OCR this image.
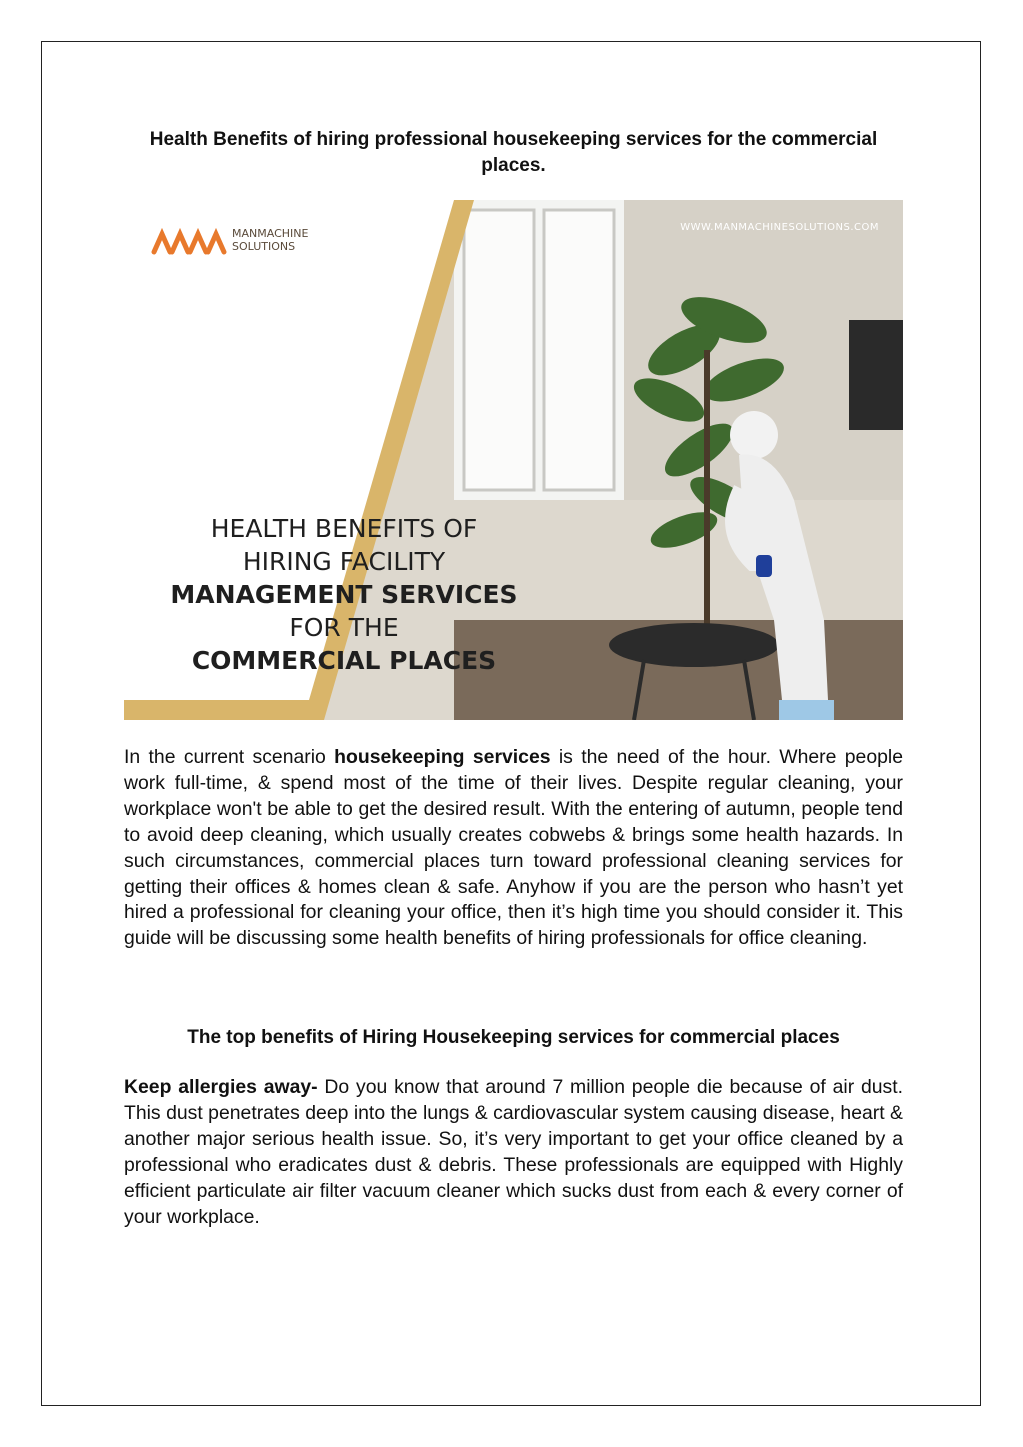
Health Benefits of hiring professional housekeeping services for the commercial places.
MANMACHINE
SOLUTIONS
WWW.MANMACHINESOLUTIONS.COM
HEALTH BENEFITS OF
HIRING FACILITY
MANAGEMENT SERVICES
FOR THE
COMMERCIAL PLACES
In the current scenario housekeeping services is the need of the hour. Where people work full-time, & spend most of the time of their lives. Despite regular cleaning, your workplace won't be able to get the desired result. With the entering of autumn, people tend to avoid deep cleaning, which usually creates cobwebs & brings some health hazards. In such circumstances, commercial places turn toward professional cleaning services for getting their offices & homes clean & safe. Anyhow if you are the person who hasn’t yet hired a professional for cleaning your office, then it’s high time you should consider it. This guide will be discussing some health benefits of hiring professionals for office cleaning.
The top benefits of Hiring Housekeeping services for commercial places
Keep allergies away- Do you know that around 7 million people die because of air dust. This dust penetrates deep into the lungs & cardiovascular system causing disease, heart & another major serious health issue. So, it’s very important to get your office cleaned by a professional who eradicates dust & debris. These professionals are equipped with Highly efficient particulate air filter vacuum cleaner which sucks dust from each & every corner of your workplace.
